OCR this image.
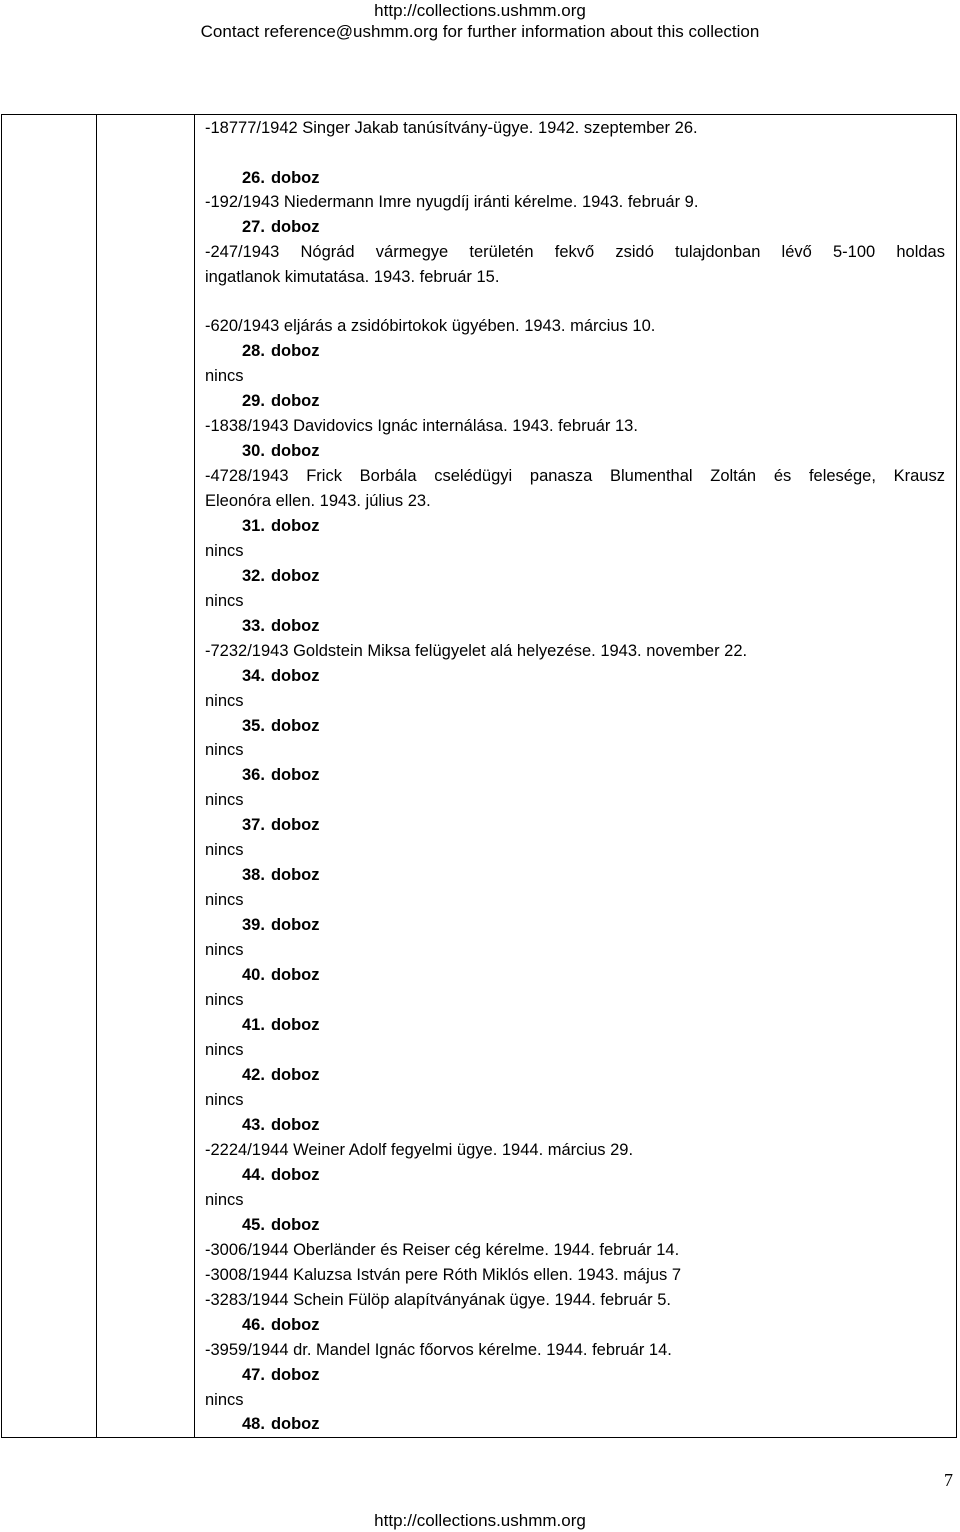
http://collections.ushmm.org
Contact reference@ushmm.org for further information about this collection
-18777/1942 Singer Jakab tanúsítvány-ügye. 1942. szeptember 26.
26. doboz
-192/1943 Niedermann Imre nyugdíj iránti kérelme. 1943. február 9.
27. doboz
-247/1943 Nógrád vármegye területén fekvő zsidó tulajdonban lévő 5-100 holdas
ingatlanok kimutatása. 1943. február 15.
-620/1943 eljárás a zsidóbirtokok ügyében. 1943. március 10.
28. doboz
nincs
29. doboz
-1838/1943 Davidovics Ignác internálása. 1943. február 13.
30. doboz
-4728/1943 Frick Borbála cselédügyi panasza Blumenthal Zoltán és felesége, Krausz
Eleonóra ellen. 1943. július 23.
31. doboz
nincs
32. doboz
nincs
33. doboz
-7232/1943 Goldstein Miksa felügyelet alá helyezése. 1943. november 22.
34. doboz
nincs
35. doboz
nincs
36. doboz
nincs
37. doboz
nincs
38. doboz
nincs
39. doboz
nincs
40. doboz
nincs
41. doboz
nincs
42. doboz
nincs
43. doboz
-2224/1944 Weiner Adolf fegyelmi ügye. 1944. március 29.
44. doboz
nincs
45. doboz
-3006/1944 Oberländer és Reiser cég kérelme. 1944. február 14.
-3008/1944 Kaluzsa István pere Róth Miklós ellen. 1943. május 7
-3283/1944 Schein Fülöp alapítványának ügye. 1944. február 5.
46. doboz
-3959/1944 dr. Mandel Ignác főorvos kérelme. 1944. február 14.
47. doboz
nincs
48. doboz
7
http://collections.ushmm.org
